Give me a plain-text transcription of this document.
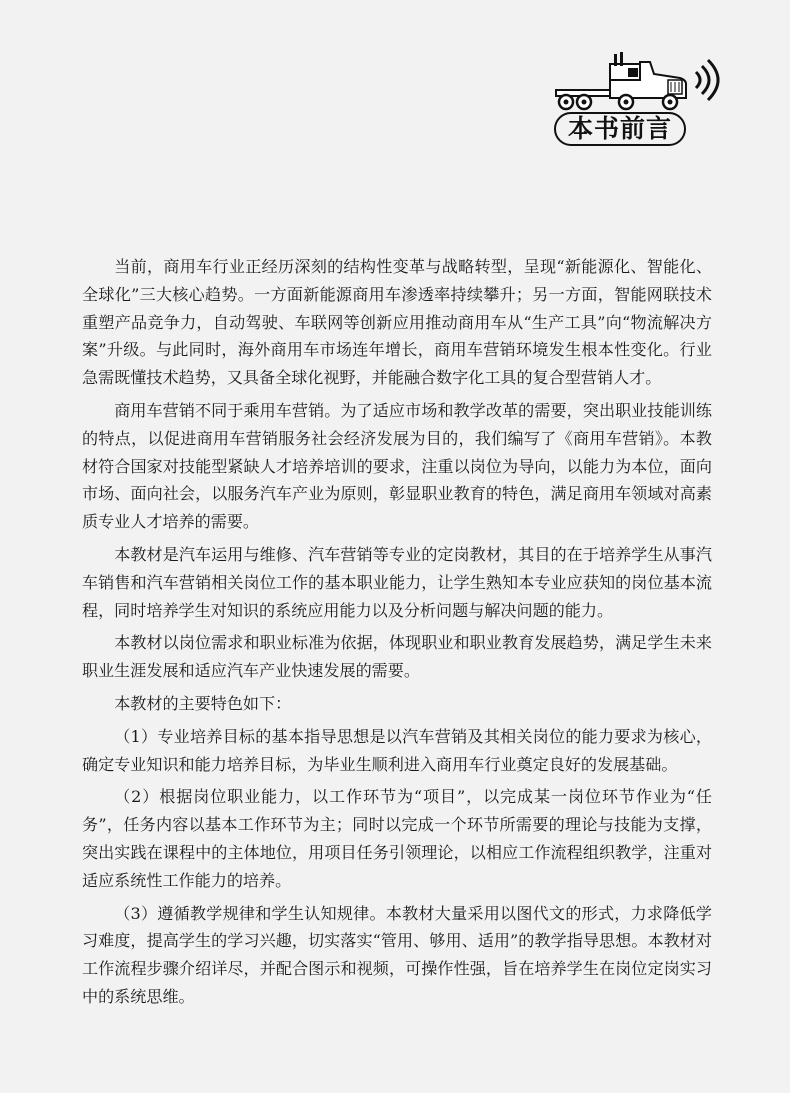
本书前言

当前，商用车行业正经历深刻的结构性变革与战略转型，呈现“新能源化、智能化、全球化”三大核心趋势。一方面新能源商用车渗透率持续攀升；另一方面，智能网联技术重塑产品竞争力，自动驾驶、车联网等创新应用推动商用车从“生产工具”向“物流解决方案”升级。与此同时，海外商用车市场连年增长，商用车营销环境发生根本性变化。行业急需既懂技术趋势，又具备全球化视野，并能融合数字化工具的复合型营销人才。

商用车营销不同于乘用车营销。为了适应市场和教学改革的需要，突出职业技能训练的特点，以促进商用车营销服务社会经济发展为目的，我们编写了《商用车营销》。本教材符合国家对技能型紧缺人才培养培训的要求，注重以岗位为导向，以能力为本位，面向市场、面向社会，以服务汽车产业为原则，彰显职业教育的特色，满足商用车领域对高素质专业人才培养的需要。

本教材是汽车运用与维修、汽车营销等专业的定岗教材，其目的在于培养学生从事汽车销售和汽车营销相关岗位工作的基本职业能力，让学生熟知本专业应获知的岗位基本流程，同时培养学生对知识的系统应用能力以及分析问题与解决问题的能力。

本教材以岗位需求和职业标准为依据，体现职业和职业教育发展趋势，满足学生未来职业生涯发展和适应汽车产业快速发展的需要。

本教材的主要特色如下：

（1）专业培养目标的基本指导思想是以汽车营销及其相关岗位的能力要求为核心，确定专业知识和能力培养目标，为毕业生顺利进入商用车行业奠定良好的发展基础。

（2）根据岗位职业能力，以工作环节为“项目”，以完成某一岗位环节作业为“任务”，任务内容以基本工作环节为主；同时以完成一个环节所需要的理论与技能为支撑，突出实践在课程中的主体地位，用项目任务引领理论，以相应工作流程组织教学，注重对适应系统性工作能力的培养。

（3）遵循教学规律和学生认知规律。本教材大量采用以图代文的形式，力求降低学习难度，提高学生的学习兴趣，切实落实“管用、够用、适用”的教学指导思想。本教材对工作流程步骤介绍详尽，并配合图示和视频，可操作性强，旨在培养学生在岗位定岗实习中的系统思维。
